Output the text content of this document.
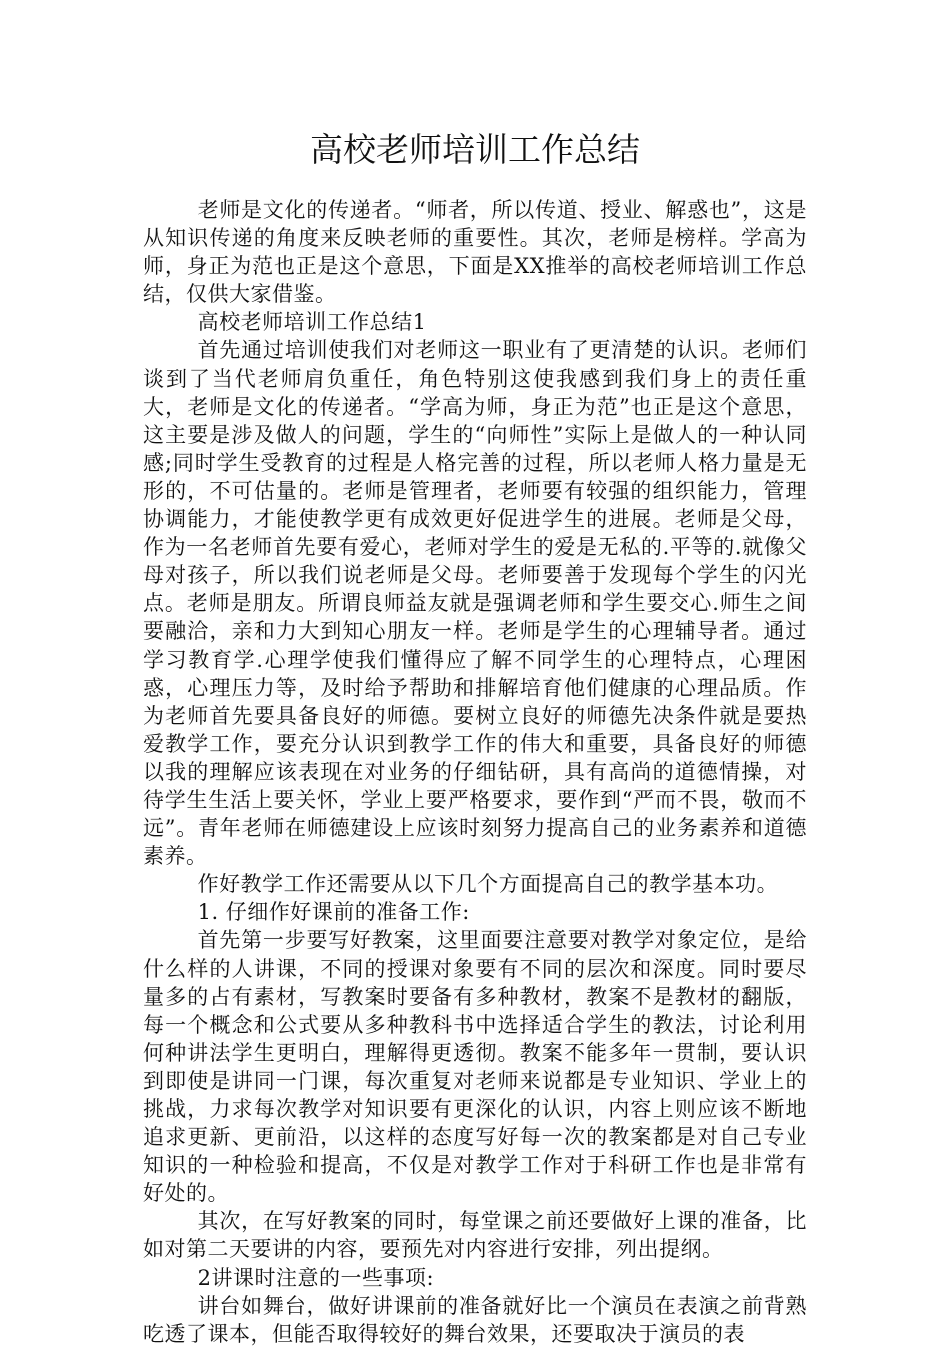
高校老师培训工作总结

老师是文化的传递者。“师者，所以传道、授业、解惑也”，这是从知识传递的角度来反映老师的重要性。其次，老师是榜样。学高为师，身正为范也正是这个意思，下面是XX推举的高校老师培训工作总结，仅供大家借鉴。

高校老师培训工作总结1

首先通过培训使我们对老师这一职业有了更清楚的认识。老师们谈到了当代老师肩负重任，角色特别这使我感到我们身上的责任重大，老师是文化的传递者。“学高为师，身正为范”也正是这个意思，这主要是涉及做人的问题，学生的“向师性”实际上是做人的一种认同感;同时学生受教育的过程是人格完善的过程，所以老师人格力量是无形的，不可估量的。老师是管理者，老师要有较强的组织能力，管理协调能力，才能使教学更有成效更好促进学生的进展。老师是父母，作为一名老师首先要有爱心，老师对学生的爱是无私的.平等的.就像父母对孩子，所以我们说老师是父母。老师要善于发现每个学生的闪光点。老师是朋友。所谓良师益友就是强调老师和学生要交心.师生之间要融洽，亲和力大到知心朋友一样。老师是学生的心理辅导者。通过学习教育学.心理学使我们懂得应了解不同学生的心理特点，心理困惑，心理压力等，及时给予帮助和排解培育他们健康的心理品质。作为老师首先要具备良好的师德。要树立良好的师德先决条件就是要热爱教学工作，要充分认识到教学工作的伟大和重要，具备良好的师德以我的理解应该表现在对业务的仔细钻研，具有高尚的道德情操，对待学生生活上要关怀，学业上要严格要求，要作到“严而不畏，敬而不远”。青年老师在师德建设上应该时刻努力提高自己的业务素养和道德素养。

作好教学工作还需要从以下几个方面提高自己的教学基本功。

1. 仔细作好课前的准备工作:

首先第一步要写好教案，这里面要注意要对教学对象定位，是给什么样的人讲课，不同的授课对象要有不同的层次和深度。同时要尽量多的占有素材，写教案时要备有多种教材，教案不是教材的翻版，每一个概念和公式要从多种教科书中选择适合学生的教法，讨论利用何种讲法学生更明白，理解得更透彻。教案不能多年一贯制，要认识到即使是讲同一门课，每次重复对老师来说都是专业知识、学业上的挑战，力求每次教学对知识要有更深化的认识，内容上则应该不断地追求更新、更前沿，以这样的态度写好每一次的教案都是对自己专业知识的一种检验和提高，不仅是对教学工作对于科研工作也是非常有好处的。

其次，在写好教案的同时，每堂课之前还要做好上课的准备，比如对第二天要讲的内容，要预先对内容进行安排，列出提纲。

2讲课时注意的一些事项:

讲台如舞台，做好讲课前的准备就好比一个演员在表演之前背熟吃透了课本，但能否取得较好的舞台效果，还要取决于演员的表
